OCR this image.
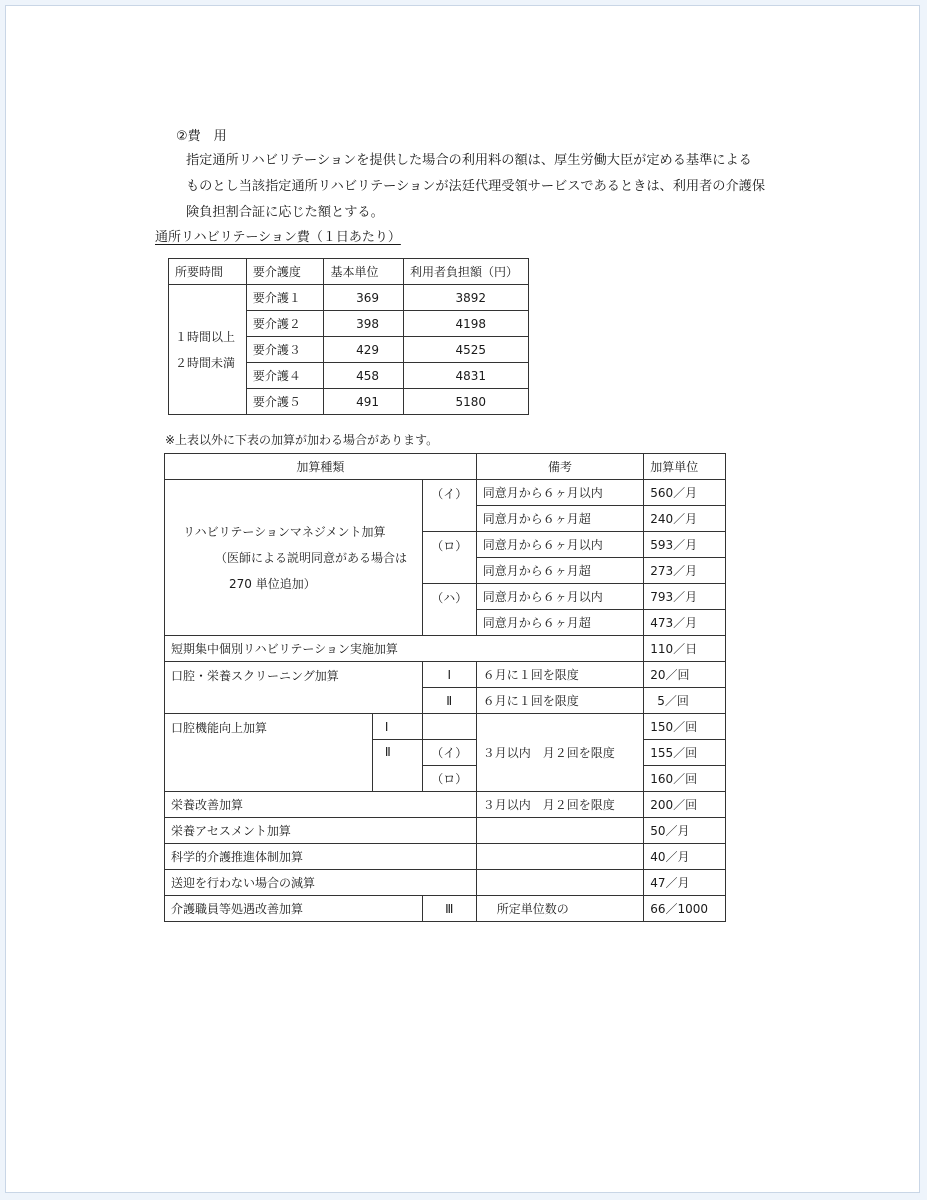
②費　用
指定通所リハビリテーションを提供した場合の利用料の額は、厚生労働大臣が定める基準による
ものとし当該指定通所リハビリテーションが法廷代理受領サービスであるときは、利用者の介護保
険負担割合証に応じた額とする。
通所リハビリテーション費（１日あたり）
所要時間	要介護度	基本単位	利用者負担額（円）

１時間以上
２時間未満	要介護１	369	3892
	要介護２	398	4198
	要介護３	429	4525
	要介護４	458	4831
	要介護５	491	5180
※上表以外に下表の加算が加わる場合があります。
加算種類			備考	加算単位

リハビリテーションマネジメント加算
（医師による説明同意がある場合は
270 単位追加）		（イ）	同意月から６ヶ月以内	560／月
			同意月から６ヶ月超	240／月
		（ロ）	同意月から６ヶ月以内	593／月
			同意月から６ヶ月超	273／月
		（ハ）	同意月から６ヶ月以内	793／月
			同意月から６ヶ月超	473／月
短期集中個別リハビリテーション実施加算				110／日
口腔・栄養スクリーニング加算		Ⅰ	６月に１回を限度	20／回
		Ⅱ	６月に１回を限度	5／回
口腔機能向上加算	Ⅰ		３月以内　月２回を限度	150／回
	Ⅱ	（イ）		155／回
		（ロ）		160／回
栄養改善加算			３月以内　月２回を限度	200／回
栄養アセスメント加算				50／月
科学的介護推進体制加算				40／月
送迎を行わない場合の減算				47／月
介護職員等処遇改善加算		Ⅲ	所定単位数の	66／1000
